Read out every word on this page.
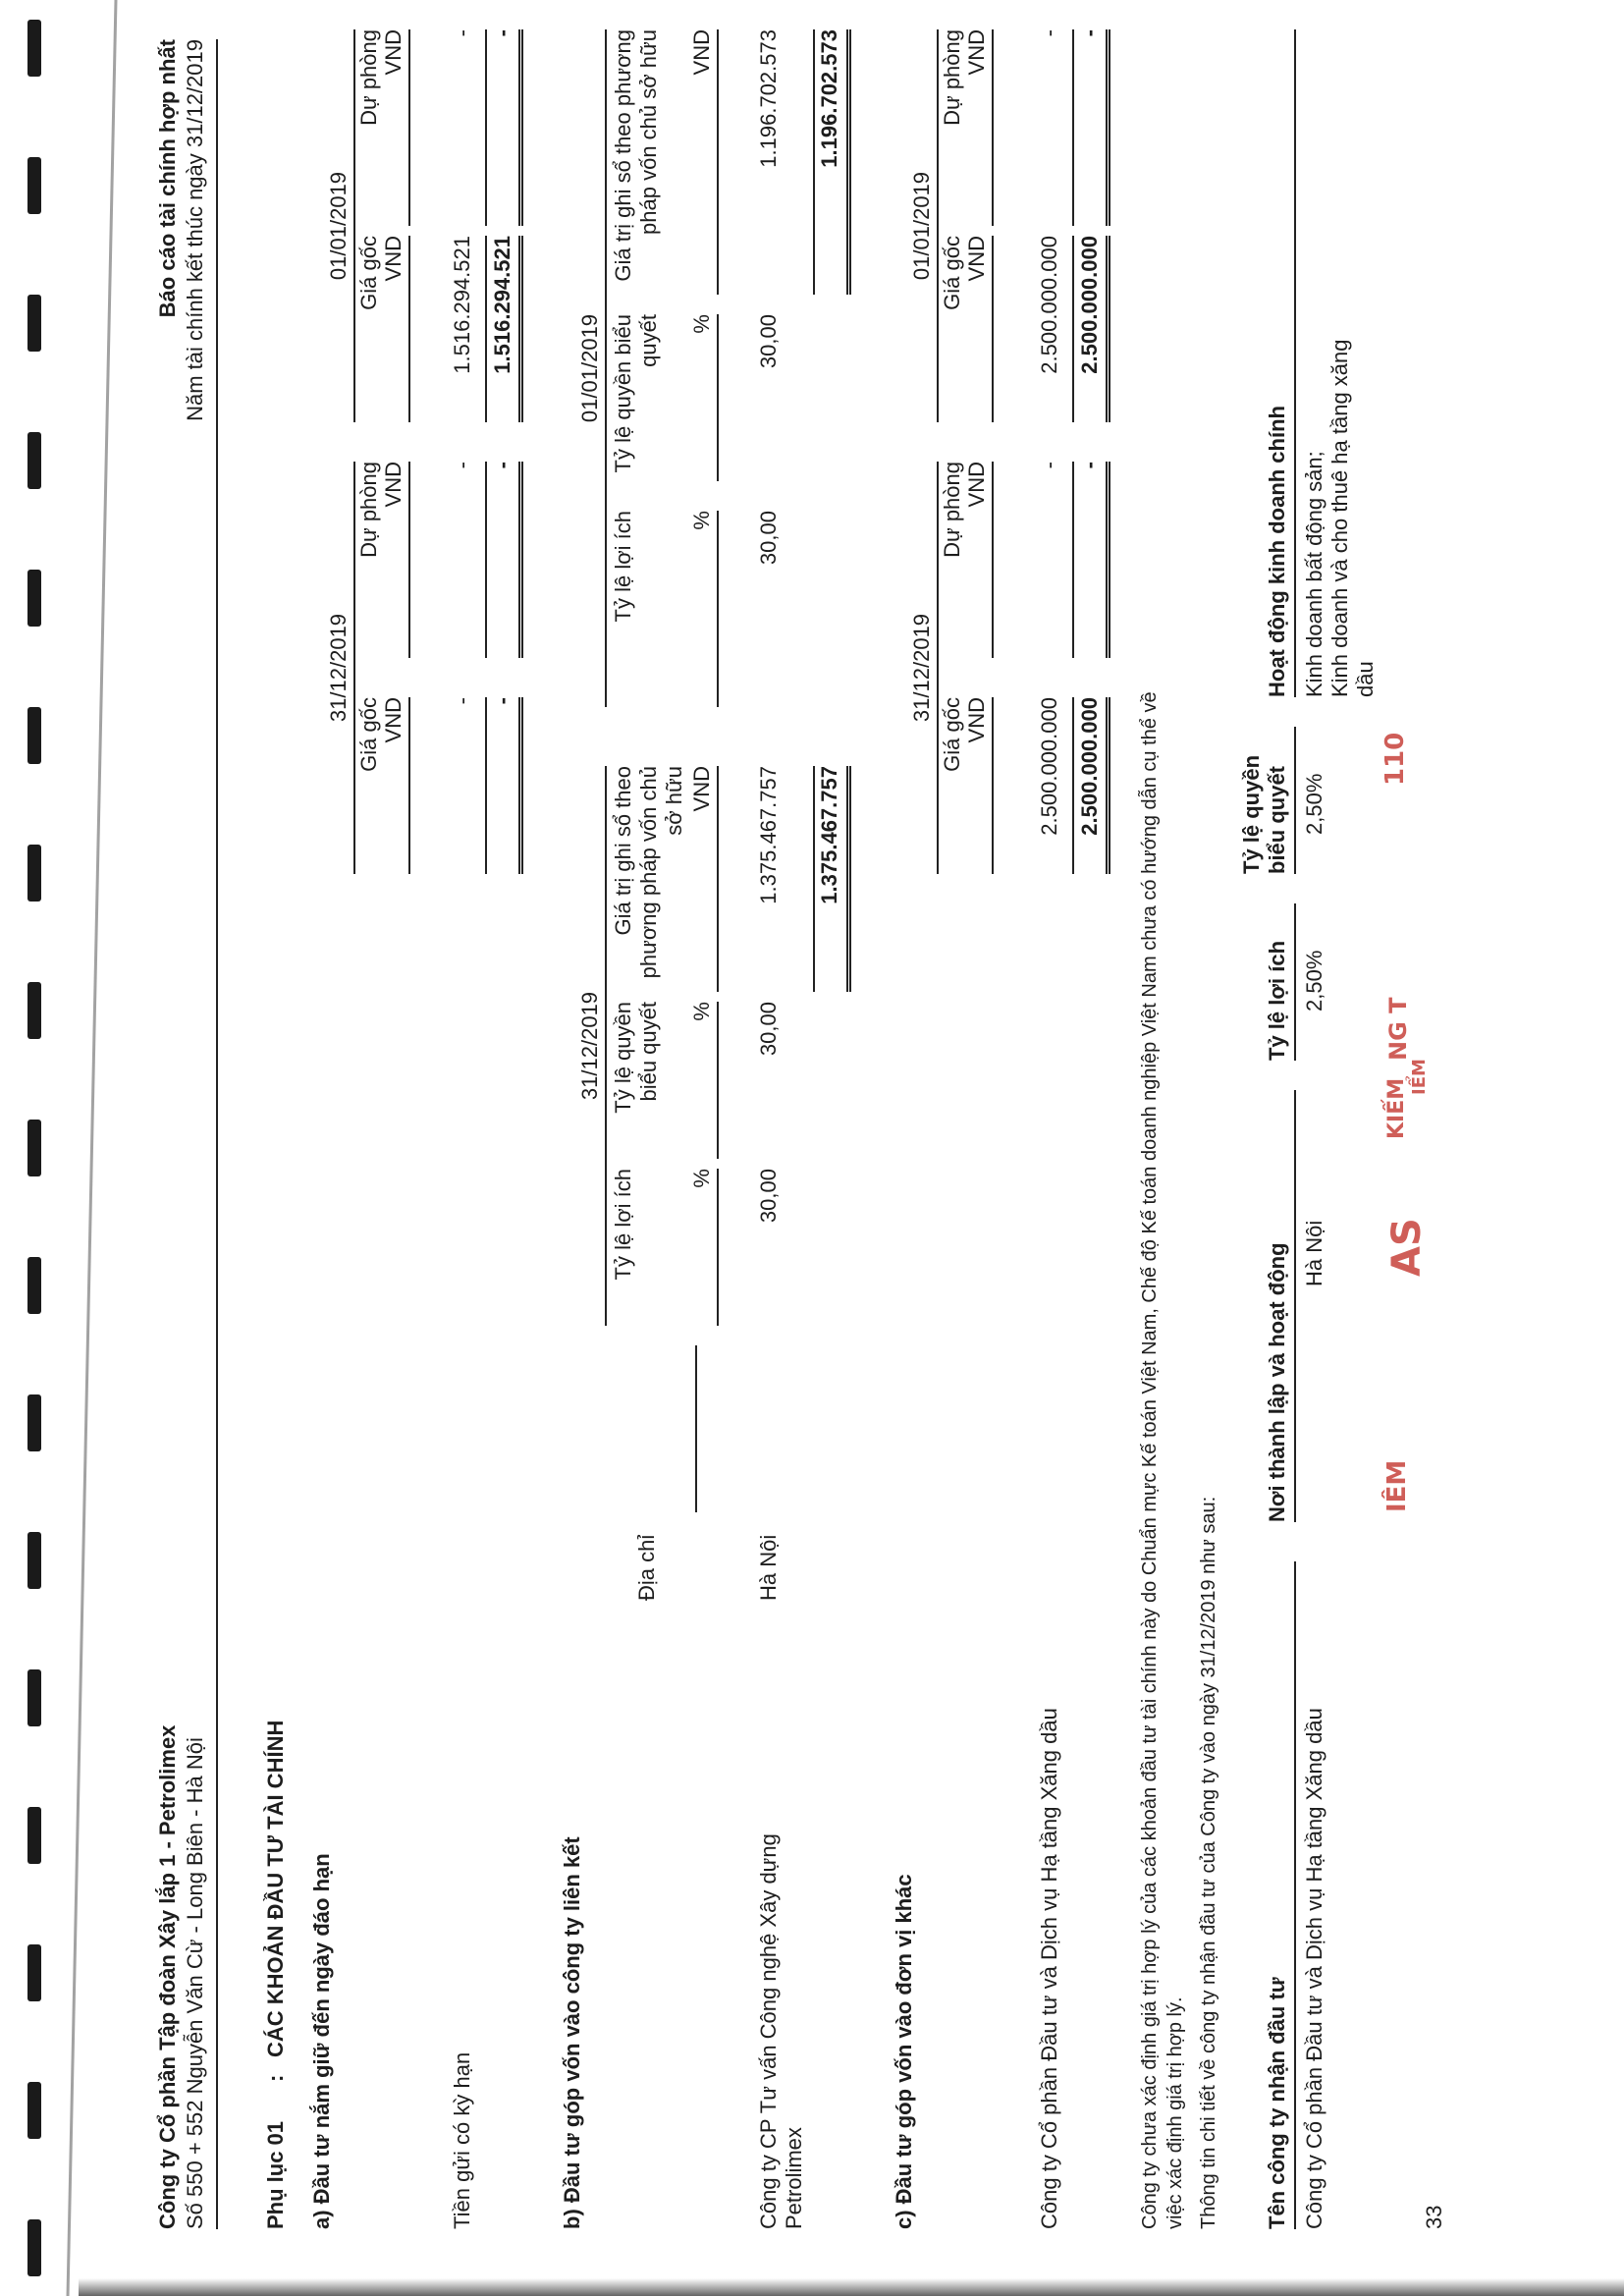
Công ty Cổ phần Tập đoàn Xây lắp 1 - Petrolimex Số 550 + 552 Nguyễn Văn Cừ - Long Biên - Hà Nội
Báo cáo tài chính hợp nhất Năm tài chính kết thúc ngày 31/12/2019
Phụ lục 01
:
CÁC KHOẢN ĐẦU TƯ TÀI CHÍNH a) Đầu tư nắm giữ đến ngày đáo hạn
31/12/2019
01/01/2019
Giá gốc
Dự phòng
Giá gốc
Dự phòng
VND
VND
VND
VND
Tiền gửi có kỳ hạn
-
-
1.516.294.521
-
-
-
1.516.294.521
-
b) Đầu tư góp vốn vào công ty liên kết
31/12/2019
01/01/2019
Địa chỉ
Tỷ lệ lợi ích
Tỷ lệ quyền biểu quyết
Giá trị ghi sổ theo phương pháp vốn chủ sở hữu
Tỷ lệ lợi ích
Tỷ lệ quyền biểu quyết
Giá trị ghi sổ theo phương pháp vốn chủ sở hữu
%
%
VND
%
%
VND
Công ty CP Tư vấn Công nghệ Xây dựng Petrolimex
Hà Nội
30,00
30,00
1.375.467.757
30,00
30,00
1.196.702.573
1.375.467.757
1.196.702.573
c) Đầu tư góp vốn vào đơn vị khác
31/12/2019
01/01/2019
Giá gốc
Dự phòng
Giá gốc
Dự phòng
VND
VND
VND
VND
Công ty Cổ phần Đầu tư và Dịch vụ Hạ tầng Xăng dầu
2.500.000.000
-
2.500.000.000
-
2.500.000.000
-
2.500.000.000
-
Công ty chưa xác định giá trị hợp lý của các khoản đầu tư tài chính này do Chuẩn mực Kế toán Việt Nam, Chế độ Kế toán doanh nghiệp Việt Nam chưa có hướng dẫn cụ thể về việc xác định giá trị hợp lý. Thông tin chi tiết về công ty nhận đầu tư của Công ty vào ngày 31/12/2019 như sau: Tên công ty nhận đầu tư
Nơi thành lập và hoạt động
Tỷ lệ lợi ích
Tỷ lệ quyền biểu quyết
Hoạt động kinh doanh chính
Công ty Cổ phần Đầu tư và Dịch vụ Hạ tầng Xăng dầu
Hà Nội
2,50%
2,50%
Kinh doanh bất động sản; Kinh doanh và cho thuê hạ tầng xăng dầu
33
IÊM
AS
KIỂM
IỂM
NG T
110
